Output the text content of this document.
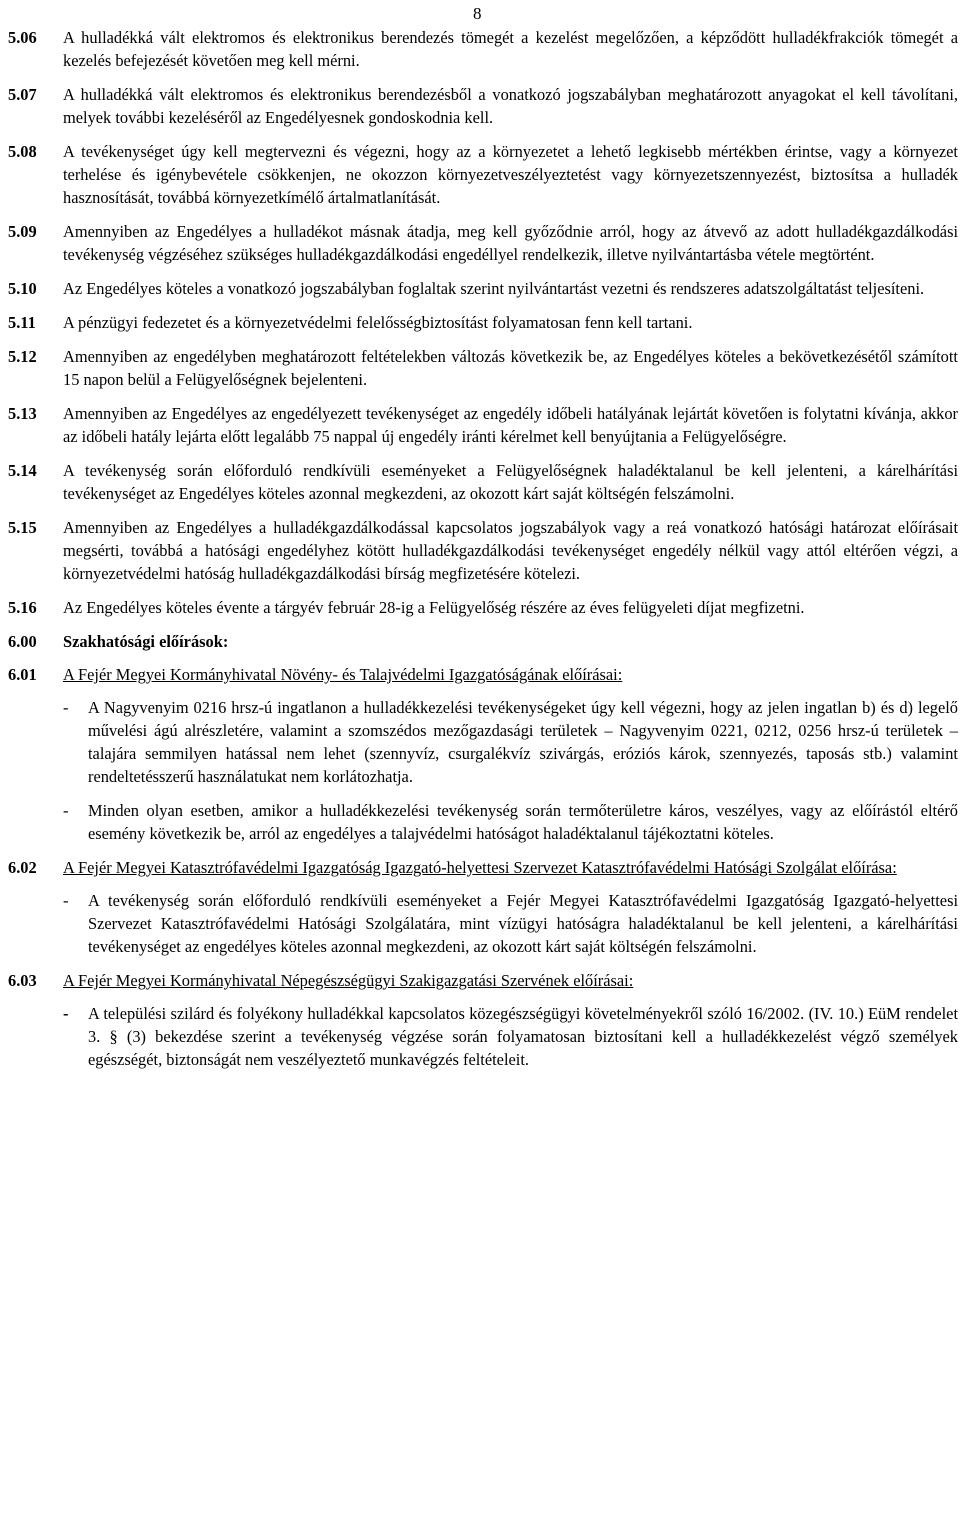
8
5.06	A hulladékká vált elektromos és elektronikus berendezés tömegét a kezelést megelőzően, a képződött hulladékfrakciók tömegét a kezelés befejezését követően meg kell mérni.
5.07	A hulladékká vált elektromos és elektronikus berendezésből a vonatkozó jogszabályban meghatározott anyagokat el kell távolítani, melyek további kezeléséről az Engedélyesnek gondoskodnia kell.
5.08	A tevékenységet úgy kell megtervezni és végezni, hogy az a környezetet a lehető legkisebb mértékben érintse, vagy a környezet terhelése és igénybevétele csökkenjen, ne okozzon környezetveszélyeztetést vagy környezetszennyezést, biztosítsa a hulladék hasznosítását, továbbá környezetkímélő ártalmatlanítását.
5.09	Amennyiben az Engedélyes a hulladékot másnak átadja, meg kell győződnie arról, hogy az átvevő az adott hulladékgazdálkodási tevékenység végzéséhez szükséges hulladékgazdálkodási engedéllyel rendelkezik, illetve nyilvántartásba vétele megtörtént.
5.10	Az Engedélyes köteles a vonatkozó jogszabályban foglaltak szerint nyilvántartást vezetni és rendszeres adatszolgáltatást teljesíteni.
5.11	A pénzügyi fedezetet és a környezetvédelmi felelősségbiztosítást folyamatosan fenn kell tartani.
5.12	Amennyiben az engedélyben meghatározott feltételekben változás következik be, az Engedélyes köteles a bekövetkezésétől számított 15 napon belül a Felügyelőségnek bejelenteni.
5.13	Amennyiben az Engedélyes az engedélyezett tevékenységet az engedély időbeli hatályának lejártát követően is folytatni kívánja, akkor az időbeli hatály lejárta előtt legalább 75 nappal új engedély iránti kérelmet kell benyújtania a Felügyelőségre.
5.14	A tevékenység során előforduló rendkívüli eseményeket a Felügyelőségnek haladéktalanul be kell jelenteni, a kárelhárítási tevékenységet az Engedélyes köteles azonnal megkezdeni, az okozott kárt saját költségén felszámolni.
5.15	Amennyiben az Engedélyes a hulladékgazdálkodással kapcsolatos jogszabályok vagy a reá vonatkozó hatósági határozat előírásait megsérti, továbbá a hatósági engedélyhez kötött hulladékgazdálkodási tevékenységet engedély nélkül vagy attól eltérően végzi, a környezetvédelmi hatóság hulladékgazdálkodási bírság megfizetésére kötelezi.
5.16	Az Engedélyes köteles évente a tárgyév február 28-ig a Felügyelőség részére az éves felügyeleti díjat megfizetni.
6.00	Szakhatósági előírások:
6.01	A Fejér Megyei Kormányhivatal Növény- és Talajvédelmi Igazgatóságának előírásai:
-	A Nagyvenyim 0216 hrsz-ú ingatlanon a hulladékkezelési tevékenységeket úgy kell végezni, hogy az jelen ingatlan b) és d) legelő művelési ágú alrészletére, valamint a szomszédos mezőgazdasági területek – Nagyvenyim 0221, 0212, 0256 hrsz-ú területek – talajára semmilyen hatással nem lehet (szennyvíz, csurgalékvíz szivárgás, eróziós károk, szennyezés, taposás stb.) valamint rendeltetésszerű használatukat nem korlátozhatja.
-	Minden olyan esetben, amikor a hulladékkezelési tevékenység során termőterületre káros, veszélyes, vagy az előírástól eltérő esemény következik be, arról az engedélyes a talajvédelmi hatóságot haladéktalanul tájékoztatni köteles.
6.02	A Fejér Megyei Katasztrófavédelmi Igazgatóság Igazgató-helyettesi Szervezet Katasztrófavédelmi Hatósági Szolgálat előírása:
-	A tevékenység során előforduló rendkívüli eseményeket a Fejér Megyei Katasztrófavédelmi Igazgatóság Igazgató-helyettesi Szervezet Katasztrófavédelmi Hatósági Szolgálatára, mint vízügyi hatóságra haladéktalanul be kell jelenteni, a kárelhárítási tevékenységet az engedélyes köteles azonnal megkezdeni, az okozott kárt saját költségén felszámolni.
6.03	A Fejér Megyei Kormányhivatal Népegészségügyi Szakigazgatási Szervének előírásai:
-	A települési szilárd és folyékony hulladékkal kapcsolatos közegészségügyi követelményekről szóló 16/2002. (IV. 10.) EüM rendelet 3. § (3) bekezdése szerint a tevékenység végzése során folyamatosan biztosítani kell a hulladékkezelést végző személyek egészségét, biztonságát nem veszélyeztető munkavégzés feltételeit.
